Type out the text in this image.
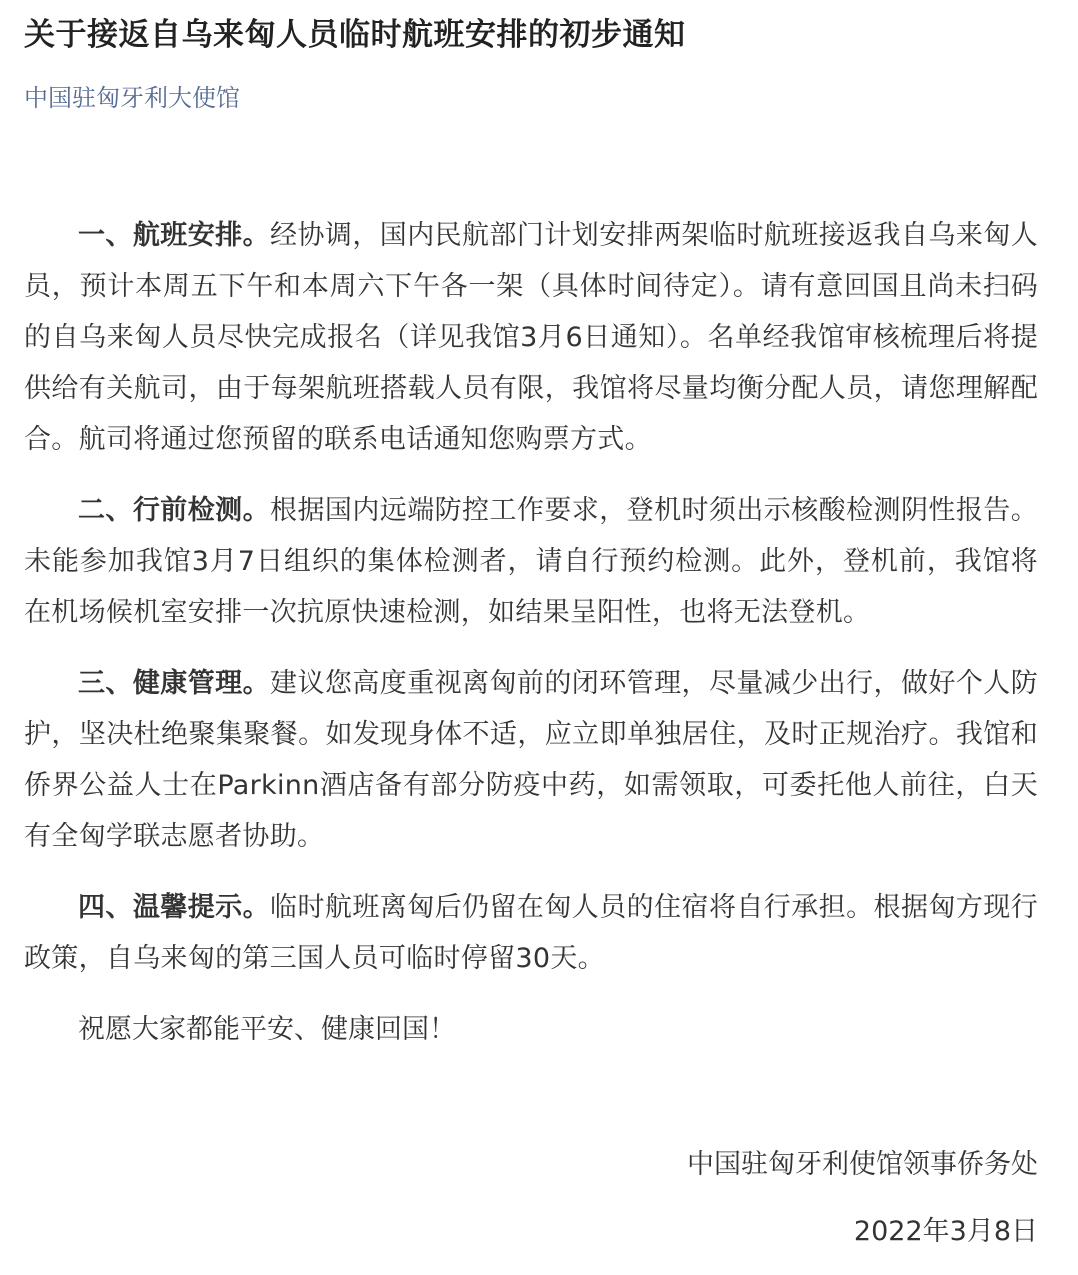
关于接返自乌来匈人员临时航班安排的初步通知
中国驻匈牙利大使馆

一、航班安排。经协调，国内民航部门计划安排两架临时航班接返我自乌来匈人员，预计本周五下午和本周六下午各一架（具体时间待定）。请有意回国且尚未扫码的自乌来匈人员尽快完成报名（详见我馆3月6日通知）。名单经我馆审核梳理后将提供给有关航司，由于每架航班搭载人员有限，我馆将尽量均衡分配人员，请您理解配合。航司将通过您预留的联系电话通知您购票方式。

二、行前检测。根据国内远端防控工作要求，登机时须出示核酸检测阴性报告。未能参加我馆3月7日组织的集体检测者，请自行预约检测。此外，登机前，我馆将在机场候机室安排一次抗原快速检测，如结果呈阳性，也将无法登机。

三、健康管理。建议您高度重视离匈前的闭环管理，尽量减少出行，做好个人防护，坚决杜绝聚集聚餐。如发现身体不适，应立即单独居住，及时正规治疗。我馆和侨界公益人士在Parkinn酒店备有部分防疫中药，如需领取，可委托他人前往，白天有全匈学联志愿者协助。

四、温馨提示。临时航班离匈后仍留在匈人员的住宿将自行承担。根据匈方现行政策，自乌来匈的第三国人员可临时停留30天。

祝愿大家都能平安、健康回国！

中国驻匈牙利使馆领事侨务处
2022年3月8日
